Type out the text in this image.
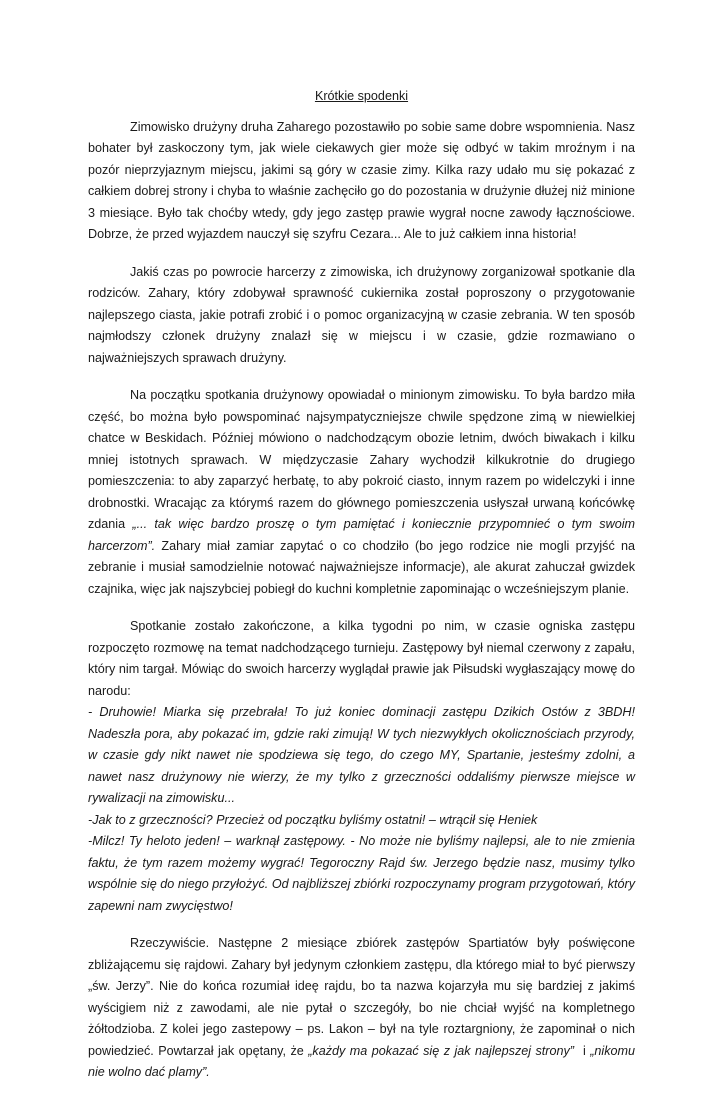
Krótkie spodenki

Zimowisko drużyny druha Zaharego pozostawiło po sobie same dobre wspomnienia. Nasz bohater był zaskoczony tym, jak wiele ciekawych gier może się odbyć w takim mroźnym i na pozór nieprzyjaznym miejscu, jakimi są góry w czasie zimy. Kilka razy udało mu się pokazać z całkiem dobrej strony i chyba to właśnie zachęciło go do pozostania w drużynie dłużej niż minione 3 miesiące. Było tak choćby wtedy, gdy jego zastęp prawie wygrał nocne zawody łącznościowe. Dobrze, że przed wyjazdem nauczył się szyfru Cezara... Ale to już całkiem inna historia!

Jakiś czas po powrocie harcerzy z zimowiska, ich drużynowy zorganizował spotkanie dla rodziców. Zahary, który zdobywał sprawność cukiernika został poproszony o przygotowanie najlepszego ciasta, jakie potrafi zrobić i o pomoc organizacyjną w czasie zebrania. W ten sposób najmłodszy członek drużyny znalazł się w miejscu i w czasie, gdzie rozmawiano o najważniejszych sprawach drużyny.

Na początku spotkania drużynowy opowiadał o minionym zimowisku. To była bardzo miła część, bo można było powspominać najsympatyczniejsze chwile spędzone zimą w niewielkiej chatce w Beskidach. Później mówiono o nadchodzącym obozie letnim, dwóch biwakach i kilku mniej istotnych sprawach. W międzyczasie Zahary wychodził kilkukrotnie do drugiego pomieszczenia: to aby zaparzyć herbatę, to aby pokroić ciasto, innym razem po widelczyki i inne drobnostki. Wracając za którymś razem do głównego pomieszczenia usłyszał urwaną końcówkę zdania „... tak więc bardzo proszę o tym pamiętać i koniecznie przypomnieć o tym swoim harcerzom”. Zahary miał zamiar zapytać o co chodziło (bo jego rodzice nie mogli przyjść na zebranie i musiał samodzielnie notować najważniejsze informacje), ale akurat zahuczał gwizdek czajnika, więc jak najszybciej pobiegł do kuchni kompletnie zapominając o wcześniejszym planie.

Spotkanie zostało zakończone, a kilka tygodni po nim, w czasie ogniska zastępu rozpoczęto rozmowę na temat nadchodzącego turnieju. Zastępowy był niemal czerwony z zapału, który nim targał. Mówiąc do swoich harcerzy wyglądał prawie jak Piłsudski wygłaszający mowę do narodu:

- Druhowie! Miarka się przebrała! To już koniec dominacji zastępu Dzikich Ostów z 3BDH! Nadeszła pora, aby pokazać im, gdzie raki zimują! W tych niezwykłych okolicznościach przyrody, w czasie gdy nikt nawet nie spodziewa się tego, do czego MY, Spartanie, jesteśmy zdolni, a nawet nasz drużynowy nie wierzy, że my tylko z grzeczności oddaliśmy pierwsze miejsce w rywalizacji na zimowisku...

-Jak to z grzeczności? Przecież od początku byliśmy ostatni! – wtrącił się Heniek

-Milcz! Ty heloto jeden! – warknął zastępowy. - No może nie byliśmy najlepsi, ale to nie zmienia faktu, że tym razem możemy wygrać! Tegoroczny Rajd św. Jerzego będzie nasz, musimy tylko wspólnie się do niego przyłożyć. Od najbliższej zbiórki rozpoczynamy program przygotowań, który zapewni nam zwycięstwo!

Rzeczywiście. Następne 2 miesiące zbiórek zastępów Spartiatów były poświęcone zbliżającemu się rajdowi. Zahary był jedynym członkiem zastępu, dla którego miał to być pierwszy „św. Jerzy”. Nie do końca rozumiał ideę rajdu, bo ta nazwa kojarzyła mu się bardziej z jakimś wyścigiem niż z zawodami, ale nie pytał o szczegóły, bo nie chciał wyjść na kompletnego żółtodzioba. Z kolei jego zastepowy – ps. Lakon – był na tyle roztargniony, że zapominał o nich powiedzieć. Powtarzał jak opętany, że „każdy ma pokazać się z jak najlepszej strony”  i „nikomu nie wolno dać plamy”.
